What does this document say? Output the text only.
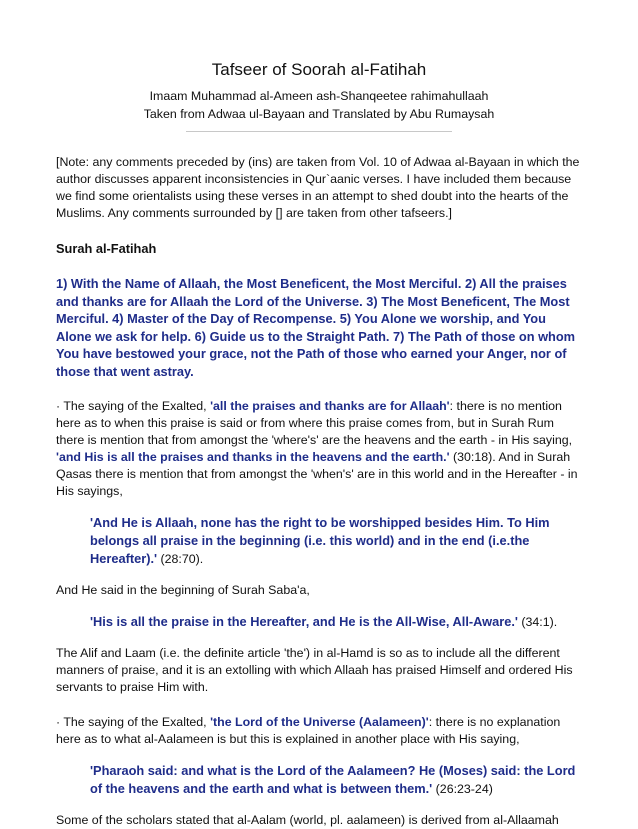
Tafseer of Soorah al-Fatihah

Imaam Muhammad al-Ameen ash-Shanqeetee rahimahullaah

Taken from Adwaa ul-Bayaan and Translated by Abu Rumaysah

[Note: any comments preceded by (ins) are taken from Vol. 10 of Adwaa al-Bayaan in which the author discusses apparent inconsistencies in Qur`aanic verses. I have included them because we find some orientalists using these verses in an attempt to shed doubt into the hearts of the Muslims. Any comments surrounded by [] are taken from other tafseers.]

Surah al-Fatihah

1) With the Name of Allaah, the Most Beneficent, the Most Merciful. 2) All the praises and thanks are for Allaah the Lord of the Universe. 3) The Most Beneficent, The Most Merciful. 4) Master of the Day of Recompense. 5) You Alone we worship, and You Alone we ask for help. 6) Guide us to the Straight Path. 7) The Path of those on whom You have bestowed your grace, not the Path of those who earned your Anger, nor of those that went astray.

· The saying of the Exalted, 'all the praises and thanks are for Allaah': there is no mention here as to when this praise is said or from where this praise comes from, but in Surah Rum there is mention that from amongst the 'where's' are the heavens and the earth - in His saying, 'and His is all the praises and thanks in the heavens and the earth.' (30:18). And in Surah Qasas there is mention that from amongst the 'when's' are in this world and in the Hereafter - in His sayings,

'And He is Allaah, none has the right to be worshipped besides Him. To Him belongs all praise in the beginning (i.e. this world) and in the end (i.e.the Hereafter).' (28:70).

And He said in the beginning of Surah Saba'a,

'His is all the praise in the Hereafter, and He is the All-Wise, All-Aware.' (34:1).

The Alif and Laam (i.e. the definite article 'the') in al-Hamd is so as to include all the different manners of praise, and it is an extolling with which Allaah has praised Himself and ordered His servants to praise Him with.

· The saying of the Exalted, 'the Lord of the Universe (Aalameen)': there is no explanation here as to what al-Aalameen is but this is explained in another place with His saying,

'Pharaoh said: and what is the Lord of the Aalameen? He (Moses) said: the Lord of the heavens and the earth and what is between them.' (26:23-24)

Some of the scholars stated that al-Aalam (world, pl. aalameen) is derived from al-Allaamah
